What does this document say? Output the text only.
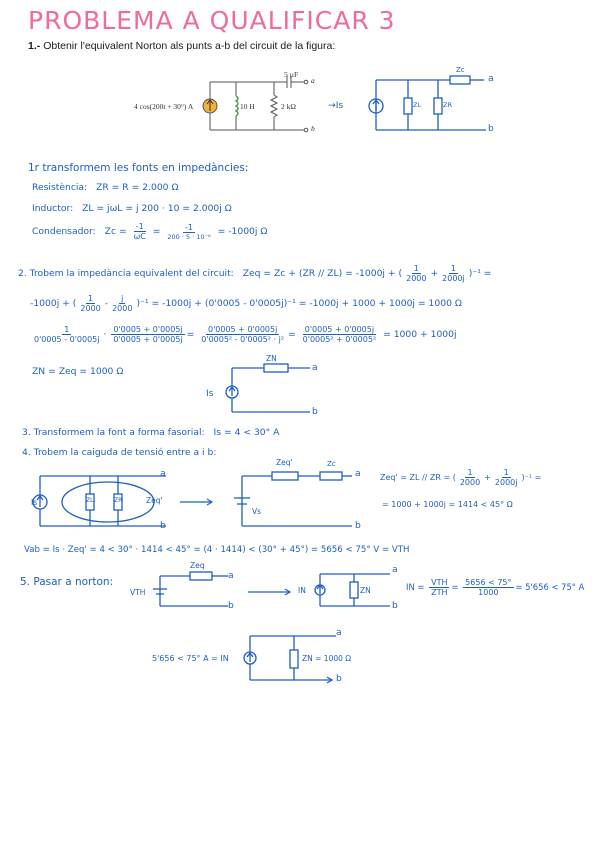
PROBLEMA A QUALIFICAR 3
1.- Obtenir l'equivalent Norton als punts a-b del circuit de la figura:
4 cos(200t + 30°) A	10 H	2 kΩ
5 µF
a
b
Zc
ZL	ZR
→Is
a
b
1r transformem les fonts en impedàncies:
Resistència: ZR = R = 2.000 Ω
Inductor: ZL = jωL = j 200 · 10 = 2.000j Ω
Condensador: $Zc = \frac{-1}{\omega C} = \frac{-1}{\text{200 · 5 · 10⁻⁶}} = -1000j$ Ω
2. Trobem la impedància equivalent del circuit: Zeq = Zc + (ZR // ZL) = -1000j + ( $\frac{1}{2000} + \frac{1}{2000j} )^{-1}$ =
-1000j + ( $\frac{1}{2000} - \frac{j}{2000} )^{-1} = -1000j + (0'0005 - 0'0005j)^{-1} = -1000j + 1000 + 1000j = 1000$ Ω
$\frac{1}{0'0005 - 0'0005j} \cdot \frac{0'0005 + 0'0005j}{0'0005 + 0'0005j} = \frac{0'0005 + 0'0005j}{\text{0'0005² - 0'0005² · j²}} = \frac{0'0005 + 0'0005j}{\text{0'0005² + 0'0005²}} = 1000 + 1000j$
ZN = Zeq = 1000 Ω
ZN
Is
a
b
3. Transformem la font a forma fasorial: Is = 4 < 30° A
4. Trobem la caiguda de tensió entre a i b:
Is	ZL	ZR	Zeq'
a
b
Zeq'	Zc
Vs
a
b
Zeq' = ZL // ZR = ( $\frac{1}{2000} + \frac{1}{2000j} )^{-1}$ =
= 1000 + 1000j = 1414 < 45° Ω
Vab = Is · Zeq' = 4 < 30° · 1414 < 45° = (4 · 1414) < (30° + 45°) = 5656 < 75° V = VTH
5. Pasar a norton:
Zeq
VTH
a
b
IN	ZN
a
b
IN = $\frac{\text{VTH}}{\text{ZTH}} = \frac{5656 < 75^\circ}{1000} = 5'656 < 75^\circ$ A
5'656 < 75° A = IN	ZN = 1000 Ω
a
b
